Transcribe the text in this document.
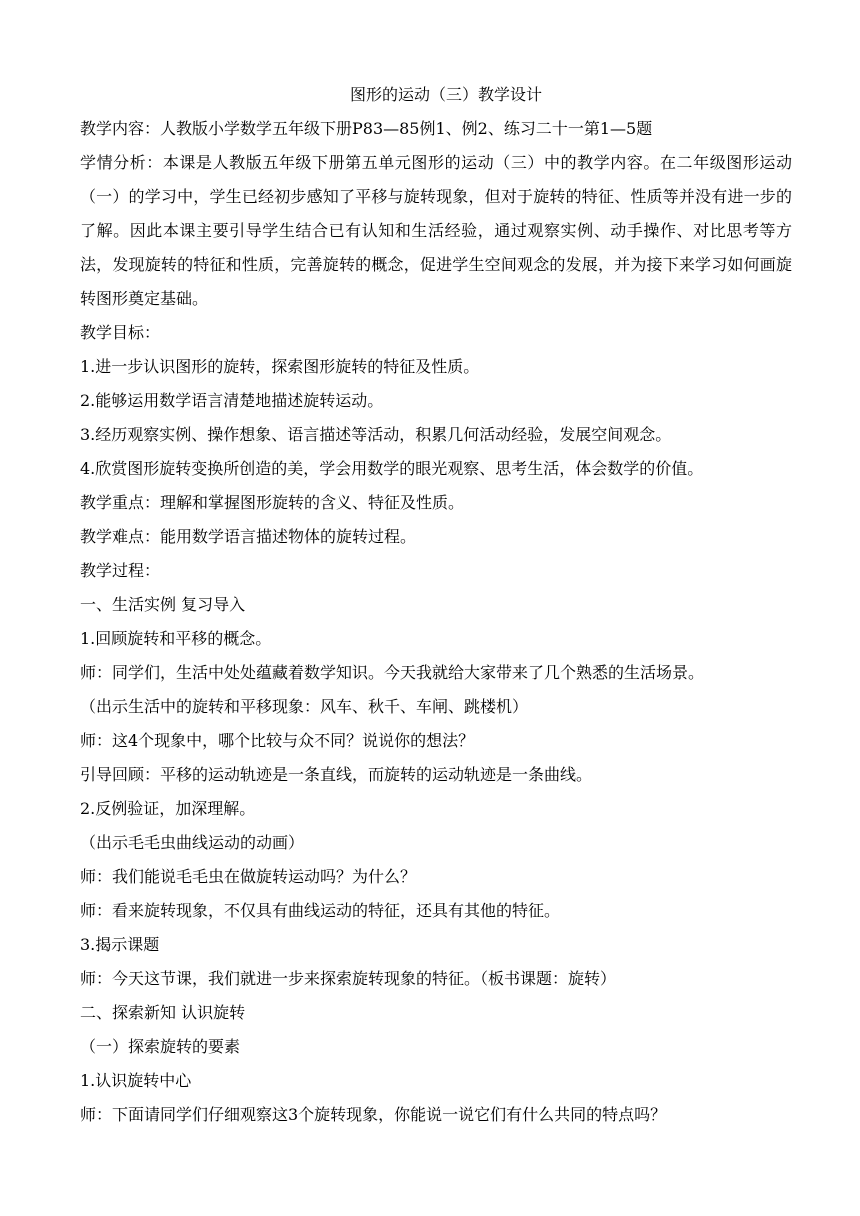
图形的运动（三）教学设计

教学内容：人教版小学数学五年级下册P83—85例1、例2、练习二十一第1—5题

学情分析：本课是人教版五年级下册第五单元图形的运动（三）中的教学内容。在二年级图形运动（一）的学习中，学生已经初步感知了平移与旋转现象，但对于旋转的特征、性质等并没有进一步的了解。因此本课主要引导学生结合已有认知和生活经验，通过观察实例、动手操作、对比思考等方法，发现旋转的特征和性质，完善旋转的概念，促进学生空间观念的发展，并为接下来学习如何画旋转图形奠定基础。

教学目标：

1.进一步认识图形的旋转，探索图形旋转的特征及性质。

2.能够运用数学语言清楚地描述旋转运动。

3.经历观察实例、操作想象、语言描述等活动，积累几何活动经验，发展空间观念。

4.欣赏图形旋转变换所创造的美，学会用数学的眼光观察、思考生活，体会数学的价值。

教学重点：理解和掌握图形旋转的含义、特征及性质。

教学难点：能用数学语言描述物体的旋转过程。

教学过程：

一、生活实例 复习导入

1.回顾旋转和平移的概念。

师：同学们，生活中处处蕴藏着数学知识。今天我就给大家带来了几个熟悉的生活场景。

（出示生活中的旋转和平移现象：风车、秋千、车闸、跳楼机）

师：这4个现象中，哪个比较与众不同？说说你的想法？

引导回顾：平移的运动轨迹是一条直线，而旋转的运动轨迹是一条曲线。

2.反例验证，加深理解。

（出示毛毛虫曲线运动的动画）

师：我们能说毛毛虫在做旋转运动吗？为什么？

师：看来旋转现象，不仅具有曲线运动的特征，还具有其他的特征。

3.揭示课题

师：今天这节课，我们就进一步来探索旋转现象的特征。（板书课题：旋转）

二、探索新知 认识旋转

（一）探索旋转的要素

1.认识旋转中心

师：下面请同学们仔细观察这3个旋转现象，你能说一说它们有什么共同的特点吗？
